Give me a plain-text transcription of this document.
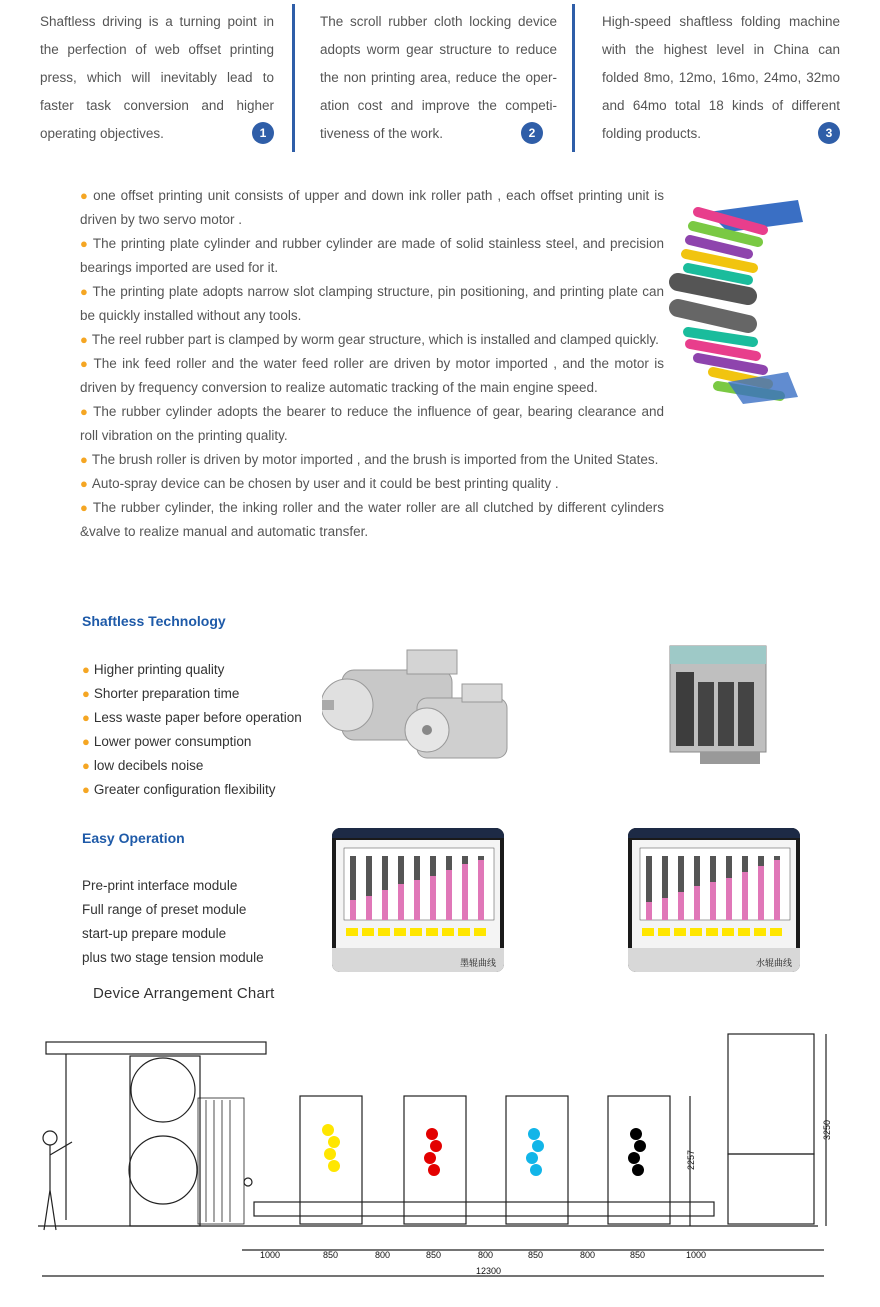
Shaftless driving is a turning point in the perfection of web offset printing press, which will inevitably lead to faster task conversion and higher operating objectives.	1

The scroll rubber cloth locking device adopts worm gear structure to reduce the non printing area, reduce the oper-ation cost and improve the competi-tiveness of the work.	2

High-speed shaftless folding machine with the highest level in China can folded 8mo, 12mo, 16mo, 24mo, 32mo and 64mo total 18 kinds of different folding products.	3
● one offset printing unit consists of upper and down ink roller path , each offset printing unit is driven by two servo motor .
● The printing plate cylinder and rubber cylinder are made of solid stainless steel, and precision bearings imported are used for it.
● The printing plate adopts narrow slot clamping structure, pin positioning, and printing plate can be quickly installed without any tools.
● The reel rubber part is clamped by worm gear structure, which is installed and clamped quickly.
● The ink feed roller and the water feed roller are driven by motor imported , and the motor is driven by frequency conversion to realize automatic tracking of the main engine speed.
● The rubber cylinder adopts the bearer to reduce the influence of gear, bearing clearance and roll vibration on the printing quality.
● The brush roller is driven by motor imported , and the brush is imported from the United States.
● Auto-spray device can be chosen by user and it could be best printing quality .
● The rubber cylinder, the inking roller and the water roller are all clutched by different cylinders &valve to realize manual and automatic transfer.
Shaftless Technology
● Higher printing quality
● Shorter preparation time
● Less waste paper before operation
● Lower power consumption
● low decibels noise
● Greater configuration flexibility
Easy Operation
Pre-print interface module
Full range of preset module
start-up prepare module
plus two stage tension module	墨辊曲线	水辊曲线
Device Arrangement Chart
1000	850	800	850	800	850	800	850	1000
12300
2257
3250
